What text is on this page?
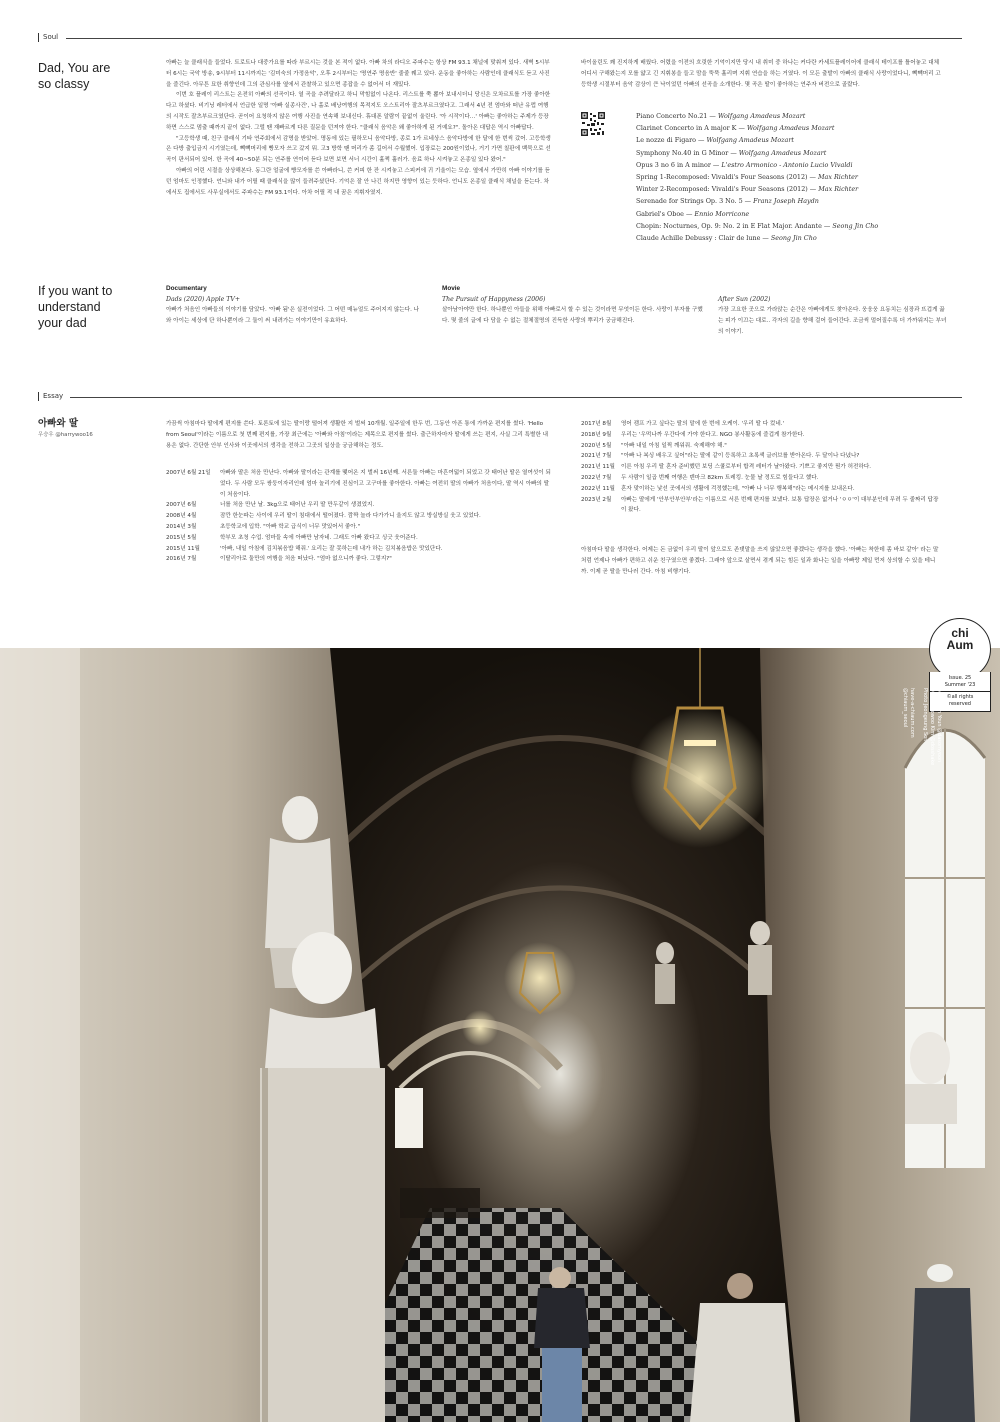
Soul
Dad, You are
so classy

아빠는 늘 클래식을 들었다. 트로트나 대중가요를 따라 부르시는 것을 본 적이 없다. 아빠 차의 라디오 주파수는 항상 FM 93.1 채널에 맞춰져 있다. 새벽 5시부터 6시는 국악 방송, 9시부터 11시까지는 '김미숙의 가정음악', 오후 2시부터는 '명연주 명음반' 줄줄 꿰고 있다. 운동을 좋아하는 사람인데 클래식도 듣고 사진을 즐긴다. 아무튼 묘한 취향인데 그의 관심사를 옆에서 관찰하고 있으면 종잡을 수 없어서 더 재밌다.

이번 호 플레이 리스트는 온전히 아빠의 선곡이다. 열 곡을 추려달라고 하니 막힘없이 나온다. 리스트를 쭉 뽑아 보내시더니 당신은 모차르트를 가장 좋아한다고 하셨다. 비기닝 레터에서 언급한 일명 '아빠 실종사건', 나 홀로 배낭여행의 목적지도 오스트리아 잘츠부르크였다고. 그래서 4년 전 엄마와 떠난 유럽 여행의 시작도 잘츠부르크였단다. 곧이어 요청하지 않은 여행 사진을 연속해 보내신다. 휴대폰 알람이 끝없이 울린다. '아 시작이다…' 아빠는 좋아하는 주제가 등장하면 스스로 멈출 때까지 끝이 없다. 그럴 땐 재빠르게 다른 질문을 던져야 한다. "클래식 음악은 왜 좋아하게 된 거예요?". 돌아온 대답은 역시 아빠답다.

"고등학생 때, 친구 클래식 기타 연주회에서 감명을 받았어. 명동에 있는 필하모니 음악다방, 종로 1가 르네상스 음악다방에 한 달에 한 번씩 갔어. 고등학생은 다방 출입금지 시기였는데, 빽빽머리에 빵모자 쓰고 갔지 뭐. 고3 방학 땐 머리가 좀 길어서 수월했어. 입장료는 200원이었나, 거기 가면 칠판에 백묵으로 선곡이 판서되어 있어. 한 곡에 40~50분 되는 연주를 연이어 듣다 보면 보면 서너 시간이 훌쩍 흘러가. 음료 하나 시켜놓고 온종일 있다 왔어."

아빠의 어린 시절을 상상해본다. 동그란 얼굴에 빵모자를 쓴 아빠라니, 쓴 커피 한 잔 시켜놓고 스피커에 귀 기울이는 모습. 옆에서 가만히 아빠 이야기를 듣던 엄마도 인정했다. 언니와 내가 어릴 때 클래식을 많이 들려주셨단다. 기억은 잘 안 나긴 하지만 영향이 있는 듯하다. 언니도 온종일 클래식 채널을 듣는다. 차에서도 집에서도 사무실에서도 주파수는 FM 93.1이다. 아차 어릴 적 내 꿈은 지휘자였지.

바이올린도 꽤 진지하게 배웠다. 어렸을 이전의 흐릿한 기억이지만 당시 내 취미 중 하나는 커다란 카세트플레이어에 클래식 테이프를 틀어놓고 대체 어디서 구해왔는지 모를 얇고 긴 지휘봉을 들고 맘을 뚝뚝 흘리며 지휘 연습을 하는 거였다. 이 모든 출발이 아빠의 클래식 사랑이었다니, 빽빽머리 고등학생 시절부터 음악 감상이 큰 낙이었던 아빠의 선곡을 소개한다. 몇 곡은 딸이 좋아하는 연주자 버전으로 골랐다.

Piano Concerto No.21 — Wolfgang Amadeus Mozart
Clarinet Concerto in A major K — Wolfgang Amadeus Mozart
Le nozze di Figaro — Wolfgang Amadeus Mozart
Symphony No.40 in G Minor — Wolfgang Amadeus Mozart
Opus 3 no 6 in A minor — L'estro Armonico - Antonio Lucio Vivaldi
Spring 1-Recomposed: Vivaldi's Four Seasons (2012) — Max Richter
Winter 2-Recomposed: Vivaldi's Four Seasons (2012) — Max Richter
Serenade for Strings Op. 3 No. 5 — Franz Joseph Haydn
Gabriel's Oboe — Ennio Morricone
Chopin: Nocturnes, Op. 9: No. 2 in E Flat Major. Andante — Seong Jin Cho
Claude Achille Debussy : Clair de lune — Seong Jin Cho
If you want to
understand
your dad
Documentary
Dads (2020) Apple TV+
아빠가 처음인 아빠들의 이야기를 담았다. '아빠 됨'은 실전이었다. 그 어떤 매뉴얼도 주어지지 않는다. 나와 아이는 세상에 단 하나뿐이라 그 둘이 써 내려가는 이야기만이 유효하다.
Movie
The Pursuit of Happyness (2006)
살아남아야만 한다. 하나뿐인 아들을 위해 아빠로서 할 수 있는 것이라면 무엇이든 한다. 사랑이 부자를 구했다. 몇 줄의 글에 다 담을 수 없는 절체절명의 진득한 사랑의 뿌리가 궁금해진다.
After Sun (2002)
가장 고요한 곳으로 가라앉는 순간은 아빠에게도 찾아온다. 웅웅웅 요동치는 심장과 뜨겁게 끓는 피가 이끄는 대로.. 각자의 길을 향해 걸어 들어간다. 조금씩 멀어질수록 더 가까워지는 부녀의 이야기.
Essay
아빠와 딸
우승우 @harrywoo16

가끔씩 아침마다 딸에게 편지를 쓴다. 토론토에 있는 딸이랑 떨어져 생활한 지 벌써 10개월. 일주일에 한두 번, 그동안 아픈 통에 가까운 편지를 썼다. 'Hello from Seoul'이라는 이름으로 첫 번째 편지를, 가장 최근에는 '아빠와 아침'이라는 제목으로 편지를 썼다. 출근하자마자 딸에게 쓰는 편지, 사실 그리 특별한 내용은 없다. 간단한 안부 인사와 이곳에서의 생각을 전하고 그곳의 일상을 궁금해하는 정도.

2007년 6월 21일	아빠와 딸은 처음 만난다. 아빠와 딸이라는 관계를 맺어온 지 벌써 16년째. 서른둘 아빠는 마흔여덟이 되었고 갓 태어난 딸은 열여섯이 되었다. 두 사람 모두 쌍둥이자리인데 엄마 놀리기에 진심이고 고구마를 좋아한다. 아빠는 여전히 딸의 아빠가 처음이다, 딸 역시 아빠의 딸이 처음이다.
2007년 6월	너를 처음 만난 날. 3kg으로 태어난 우리 딸 만두같이 생겼었지.
2008년 4월	잠깐 한눈파는 사이에 우리 딸이 침대에서 떨어졌다. 깜짝 놀라 다가가니 울지도 않고 방실방실 웃고 있었다.
2014년 3월	초등학교에 입학. "아빠 학교 급식이 너무 맛있어서 좋아."
2015년 5월	학부모 초청 수업. 엄마들 속에 아빠만 남자네. 그래도 아빠 왔다고 싱긋 웃어준다.
2015년 11월	'아빠, 내일 아침에 김치볶음밥 해줘.' 요리는 잘 못하는데 내가 하는 김치볶음밥은 맛있단다.
2016년 7월	이탈리아로 둘만의 여행을 처음 떠났다. "엄마 없으니까 좋다. 그렇지?"
2017년 8월	영어 캠프 가고 싶다는 딸의 말에 한 번에 오케이. '우리 딸 다 컸네.'
2018년 9월	우리는 '우먹나까 우간다에 가야 한다고. NGO 봉사활동에 즐겁게 참가한다.
2020년 5월	"아빠 내일 아침 일찍 깨워줘. 숙제해야 해."
2021년 7월	"아빠 나 복싱 배우고 싶어"라는 딸에 같이 등록하고 초록색 글러브를 받아온다. 두 달이나 다녔나?
2021년 11월	이른 아침 우리 딸 혼자 준비했던 보딩 스쿨로부터 합격 레터가 날아왔다. 기쁘고 좋지만 뭔가 허전하다.
2022년 7월	두 사람이 일곱 번째 여행은 덴마크 82km 트레킹. 눈물 날 정도로 힘들다고 했다.
2022년 11월	혼자 맞이하는 낯선 곳에서의 생활에 걱정했는데, "아빠 나 너무 행복해"라는 메시지를 보내온다.
2023년 2월	아빠는 딸에게 '안부안부안부'라는 이름으로 서른 번째 편지를 보냈다. 보통 답장은 없거나 'ㅇㅇ'이 대부분인데 무려 두 줄짜리 답장이 왔다.

아침마다 딸을 생각한다. 어제는 돈 금없이 우리 딸이 앞으로도 존댓말을 쓰지 않았으면 좋겠다는 생각을 했다. '아빠는 착한데 좀 바보 같아' 라는 말처럼 언제나 아빠가 편하고 쉬운 친구였으면 좋겠다. 그래야 앞으로 살면서 겪게 되는 힘든 일과 화나는 일을 아빠랑 제일 먼저 상의할 수 있을 테니까. 이제 곧 딸을 만나러 간다. 아침 비행기다.

chi
Aum
Issue. 25
Summer '23
©all rights
reserved
Editor Yun Youn @dasomyoon
Design Gowoo Kim @dosshake
Photo Jeongeung Son
have-a-chiaum.com
@chiaum_seoul
